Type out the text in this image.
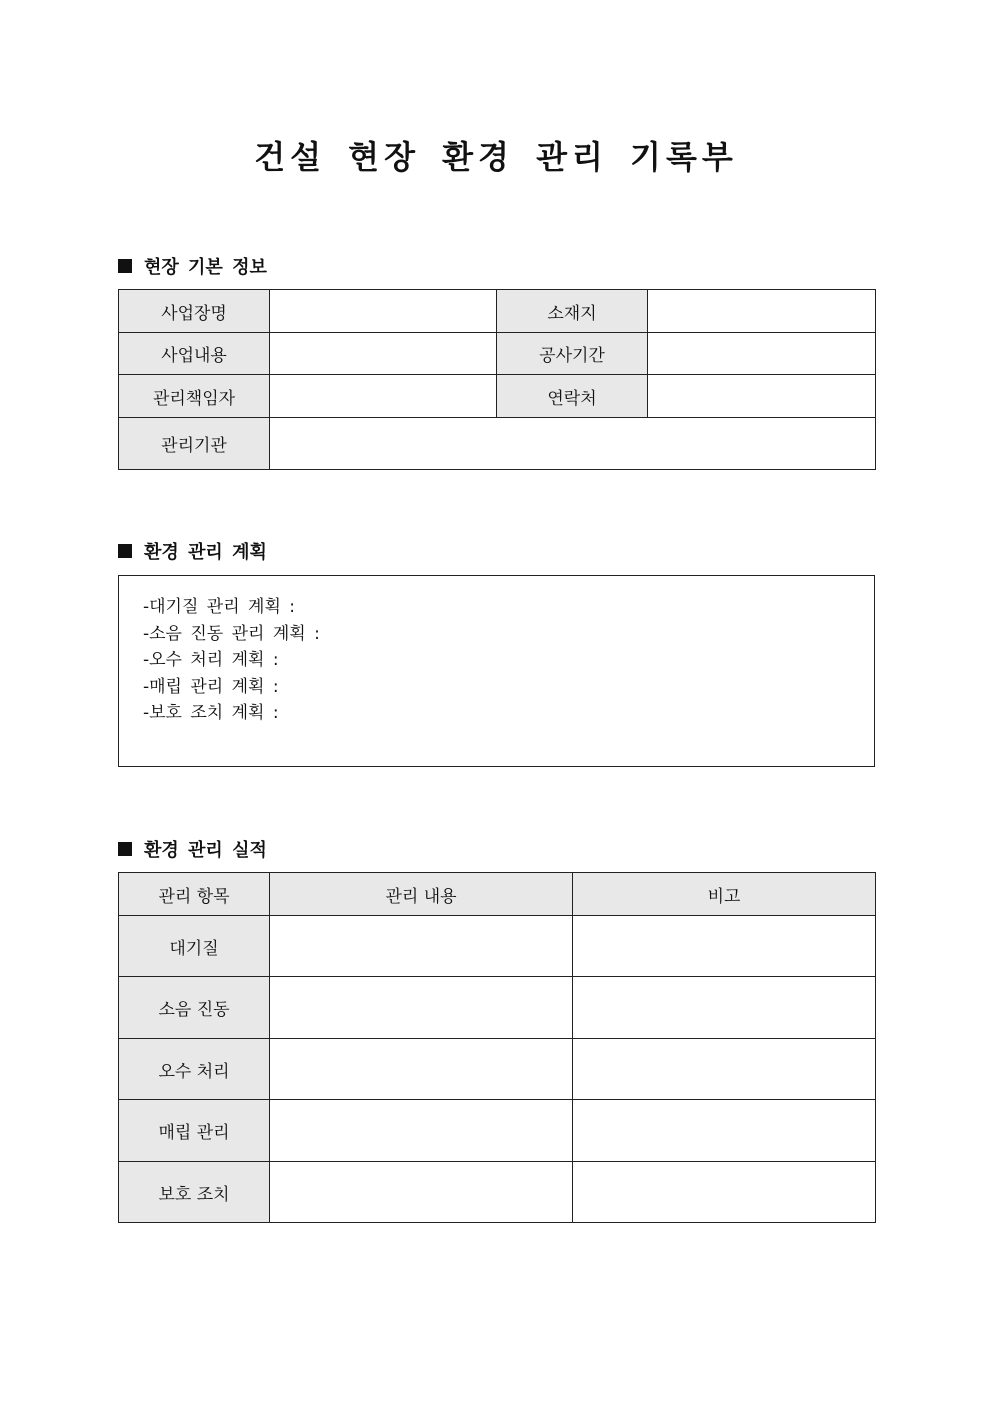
건설 현장 환경 관리 기록부
현장 기본 정보
사업장명		소재지	
사업내용		공사기간	
관리책임자		연락처	
관리기관			
환경 관리 계획
-대기질 관리 계획 :
-소음 진동 관리 계획 :
-오수 처리 계획 :
-매립 관리 계획 :
-보호 조치 계획 :
환경 관리 실적
관리 항목	관리 내용	비고
대기질		
소음 진동		
오수 처리		
매립 관리		
보호 조치		
